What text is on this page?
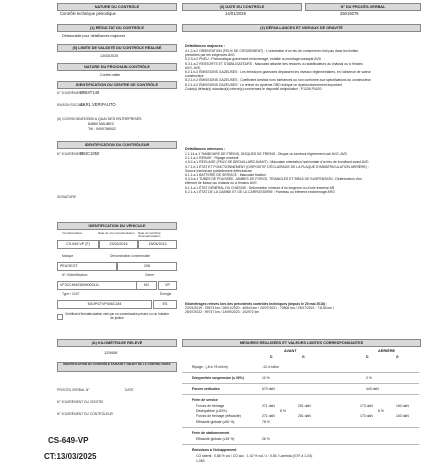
NATURE DU CONTRÔLE	(3) DATE DU CONTRÔLE	N° DU PROCÈS-VERBAL
Contrôle technique périodique	14/01/2025	25016075
(1) RÉSULTAT DU CONTRÔLE
Défavorable pour défaillances majeures
(5) LIMITE DE VALIDITÉ DU CONTRÔLE RÉALISÉ
13/03/2025
NATURE DU PROCHAIN CONTRÔLE
Contre-visite
IDENTIFICATION DU CENTRE DE CONTRÔLE
N° D'AGRÉMENT
S084T149
RAISON SOCIALE
SARL VERIFAUTO
(6) COORDONNÉES 300 A QUAI DES ENTREPRISES
84860 MAUBEC
Tél : 0490768002
IDENTIFICATION DU CONTRÔLEUR
N° D'AGRÉMENT
084C1050
SIGNATURE
IDENTIFICATION DU VÉHICULE
Immatriculation	Date de 1re immatriculation	Date du certificat d'immatriculation
CS-649-VP (F)	23/02/2015	15/04/2013
Marque	Dénomination commerciale
PEUGEOT	208
N° d'identification	Genre
VF3CCHMZ6DW003111	M1	VP
Type / CNIT	Énergie
M10PGTVP006C184	ES
Certificat d'immatriculation visé par un commissaire-priseur ou un huissier de justice
(A) KILOMÉTRAGE RELEVÉ
129406
IDENTIFICATION DU CONTRÔLE FAISANT L'OBJET DE LA CONTRE-VISITE
PROCÈS-VERBAL N°	DATE
N° D'AGRÉMENT DU CENTRE
N° D'AGRÉMENT DU CONTRÔLEUR
CS-649-VP
CT:13/03/2025
(2) DÉFAILLANCES ET NIVEAUX DE GRAVITÉ
Défaillances majeures :
4.1.2.a.2 ORIENTATION (FEUX DE CROISEMENT) : L'orientation d'un feu de croisement n'est pas dans les limites prescrites par les exigences AVG
5.2.3.d.2 PNEU : Pneumatique gravement endommagé, entaillé ou montage inadapté AVD
5.3.1.a.2 RESSORTS ET STABILISATEURS : Mauvaise attache des ressorts ou stabilisateurs au châssis ou à l'essieu AVG, AVD
8.2.1.b.2 ÉMISSIONS GAZEUSES : Les émissions gazeuses dépassent les niveaux réglementaires, en l'absence de valeur constructeur
8.2.1.b.2 ÉMISSIONS GAZEUSES : Coefficient lambda hors tolérances ou non conforme aux spécifications du constructeur
8.2.1.d.2 ÉMISSIONS GAZEUSES : Le relevé du système OBD indique un dysfonctionnement important
Code(s) défaut(s) standard(s) relevé(s) concernant le dispositif antipollution : P1336 P0420
Défaillances mineures :
1.1.14.a.1 TAMBOURS DE FREINS, DISQUES DE FREINS : Disque ou tambour légèrement usé AVG, AVD
2.1.1.a.1 RIPAGE : Ripage excessif
4.5.2.a.1 RÉGLAGE (FEUX DE BROUILLARD AVANT) : Mauvaise orientation horizontale d'un feu de brouillard avant AVD
4.7.1.b.1 ÉTAT ET FONCTIONNEMENT (DISPOSITIF D'ÉCLAIRAGE DE LA PLAQUE D'IMMATRICULATION ARRIÈRE) : Source lumineuse partiellement défectueuse
6.1.1.a.1 BATTERIE DE SERVICE : Mauvaise fixation
5.3.3.a.1 TUBES DE POUSSÉE, JAMBES DE FORCE, TRIANGLES ET BRAS DE SUSPENSION : Détérioration d'un élément de liaison au châssis ou à l'essieu AVG
6.1.1.a.1 ÉTAT GÉNÉRAL DU CHÂSSIS : Déformation mineure d'un longeron ou d'une traverse AR
6.2.1.a.1 ÉTAT DE LA CABINE ET DE LA CARROSSERIE : Panneau ou élément endommagé ARG
Kilométrages relevés lors des précédents contrôles techniques (depuis le 20 mai 2018) :
23/01/2019 : 39573 km / 26/01/2020 : 46544 km / 20/07/2021 : 70806 km / 23/07/2021 : 71136 km /
25/07/2022 : 99747 km / 14/09/2023 : 102972 km
MESURES RÉALISÉES ET VALEURS LIMITES CORRESPONDANTES
AVANT	ARRIÈRE
D	G	D	G
Ripage : (-8 à +8 m/km)	-12,4 m/km
Dissymétrie suspension (≤ 30%)	10 %	2 %
Forces verticales	670 daN	443 daN
Frein de service
Forces de freinage	271 daN	251 daN	173 daN	160 daN
Déséquilibre (≤30%)	8 %	8 %
Forces de freinage (efficacité)	271 daN	251 daN	173 daN	160 daN
Efficacité globale (≥50 %)	78 %
Frein de stationnement
Efficacité globale (≥18 %)	26 %
Émissions à l'échappement
CO ralenti : 0,88 % vol / CO acc : 1,02 % vol / λ : 0,80 / Lambda (0,97 à 1,03) :
1,083
